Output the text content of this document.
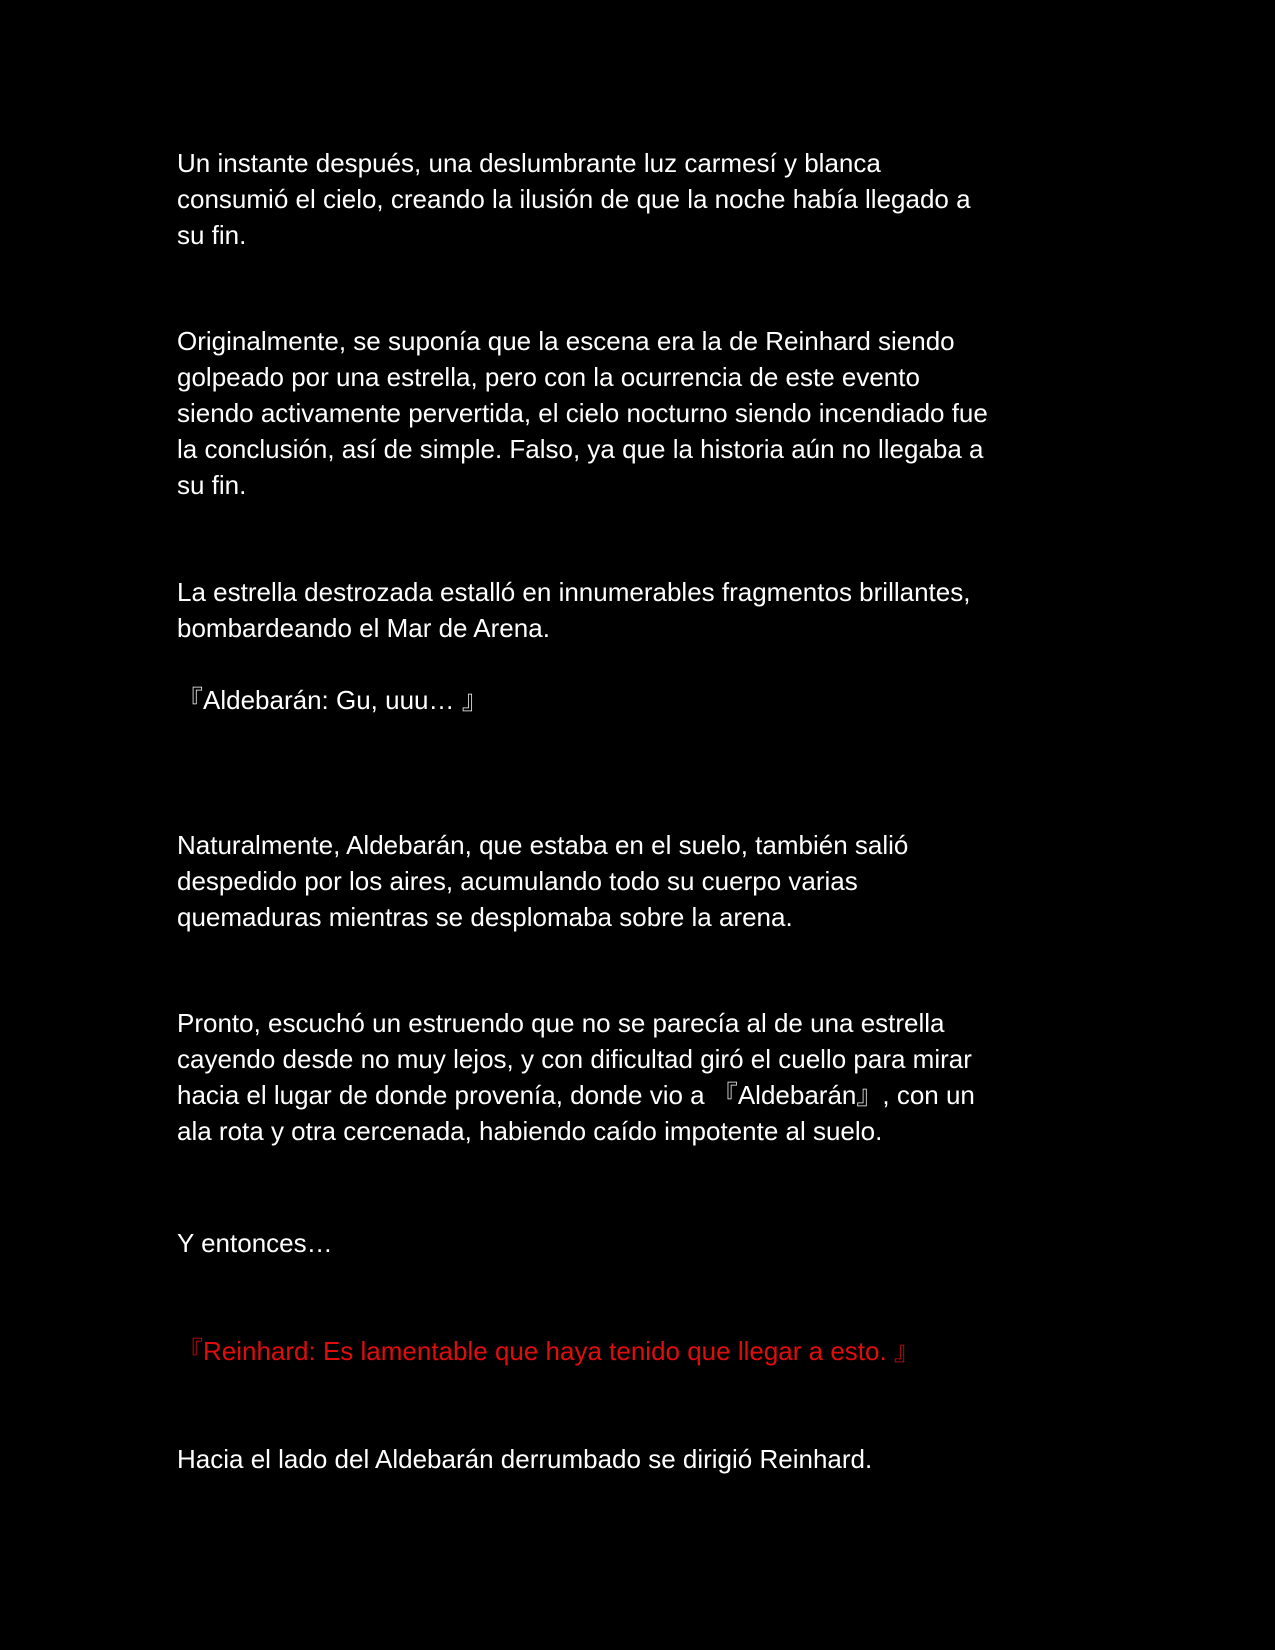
Un instante después, una deslumbrante luz carmesí y blanca
consumió el cielo, creando la ilusión de que la noche había llegado a
su fin.

Originalmente, se suponía que la escena era la de Reinhard siendo
golpeado por una estrella, pero con la ocurrencia de este evento
siendo activamente pervertida, el cielo nocturno siendo incendiado fue
la conclusión, así de simple. Falso, ya que la historia aún no llegaba a
su fin.

La estrella destrozada estalló en innumerables fragmentos brillantes,
bombardeando el Mar de Arena.

『Aldebarán: Gu, uuu… 』

Naturalmente, Aldebarán, que estaba en el suelo, también salió
despedido por los aires, acumulando todo su cuerpo varias
quemaduras mientras se desplomaba sobre la arena.

Pronto, escuchó un estruendo que no se parecía al de una estrella
cayendo desde no muy lejos, y con dificultad giró el cuello para mirar
hacia el lugar de donde provenía, donde vio a 『Aldebarán』, con un
ala rota y otra cercenada, habiendo caído impotente al suelo.

Y entonces…

『Reinhard: Es lamentable que haya tenido que llegar a esto. 』

Hacia el lado del Aldebarán derrumbado se dirigió Reinhard.
